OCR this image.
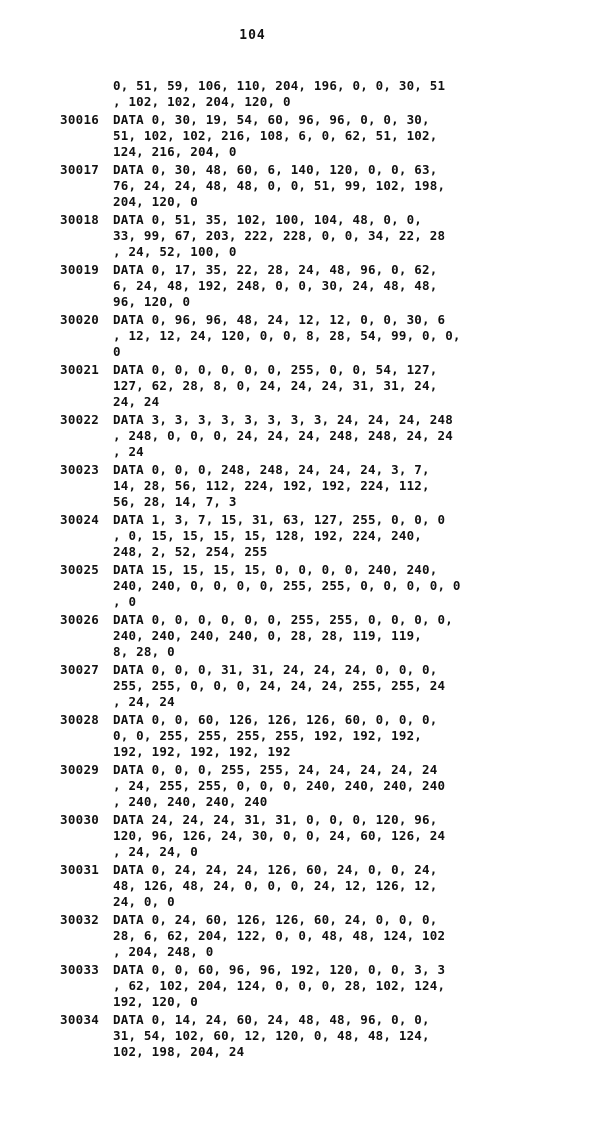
104
0, 51, 59, 106, 110, 204, 196, 0, 0, 30, 51
, 102, 102, 204, 120, 0
30016	DATA 0, 30, 19, 54, 60, 96, 96, 0, 0, 30,
51, 102, 102, 216, 108, 6, 0, 62, 51, 102,
124, 216, 204, 0
30017	DATA 0, 30, 48, 60, 6, 140, 120, 0, 0, 63,
76, 24, 24, 48, 48, 0, 0, 51, 99, 102, 198,
204, 120, 0
30018	DATA 0, 51, 35, 102, 100, 104, 48, 0, 0,
33, 99, 67, 203, 222, 228, 0, 0, 34, 22, 28
, 24, 52, 100, 0
30019	DATA 0, 17, 35, 22, 28, 24, 48, 96, 0, 62,
6, 24, 48, 192, 248, 0, 0, 30, 24, 48, 48,
96, 120, 0
30020	DATA 0, 96, 96, 48, 24, 12, 12, 0, 0, 30, 6
, 12, 12, 24, 120, 0, 0, 8, 28, 54, 99, 0, 0,
0
30021	DATA 0, 0, 0, 0, 0, 0, 255, 0, 0, 54, 127,
127, 62, 28, 8, 0, 24, 24, 24, 31, 31, 24,
24, 24
30022	DATA 3, 3, 3, 3, 3, 3, 3, 3, 24, 24, 24, 248
, 248, 0, 0, 0, 24, 24, 24, 248, 248, 24, 24
, 24
30023	DATA 0, 0, 0, 248, 248, 24, 24, 24, 3, 7,
14, 28, 56, 112, 224, 192, 192, 224, 112,
56, 28, 14, 7, 3
30024	DATA 1, 3, 7, 15, 31, 63, 127, 255, 0, 0, 0
, 0, 15, 15, 15, 15, 128, 192, 224, 240,
248, 2, 52, 254, 255
30025	DATA 15, 15, 15, 15, 0, 0, 0, 0, 240, 240,
240, 240, 0, 0, 0, 0, 255, 255, 0, 0, 0, 0, 0
, 0
30026	DATA 0, 0, 0, 0, 0, 0, 255, 255, 0, 0, 0, 0,
240, 240, 240, 240, 0, 28, 28, 119, 119,
8, 28, 0
30027	DATA 0, 0, 0, 31, 31, 24, 24, 24, 0, 0, 0,
255, 255, 0, 0, 0, 24, 24, 24, 255, 255, 24
, 24, 24
30028	DATA 0, 0, 60, 126, 126, 126, 60, 0, 0, 0,
0, 0, 255, 255, 255, 255, 192, 192, 192,
192, 192, 192, 192, 192
30029	DATA 0, 0, 0, 255, 255, 24, 24, 24, 24, 24
, 24, 255, 255, 0, 0, 0, 240, 240, 240, 240
, 240, 240, 240, 240
30030	DATA 24, 24, 24, 31, 31, 0, 0, 0, 120, 96,
120, 96, 126, 24, 30, 0, 0, 24, 60, 126, 24
, 24, 24, 0
30031	DATA 0, 24, 24, 24, 126, 60, 24, 0, 0, 24,
48, 126, 48, 24, 0, 0, 0, 24, 12, 126, 12,
24, 0, 0
30032	DATA 0, 24, 60, 126, 126, 60, 24, 0, 0, 0,
28, 6, 62, 204, 122, 0, 0, 48, 48, 124, 102
, 204, 248, 0
30033	DATA 0, 0, 60, 96, 96, 192, 120, 0, 0, 3, 3
, 62, 102, 204, 124, 0, 0, 0, 28, 102, 124,
192, 120, 0
30034	DATA 0, 14, 24, 60, 24, 48, 48, 96, 0, 0,
31, 54, 102, 60, 12, 120, 0, 48, 48, 124,
102, 198, 204, 24
